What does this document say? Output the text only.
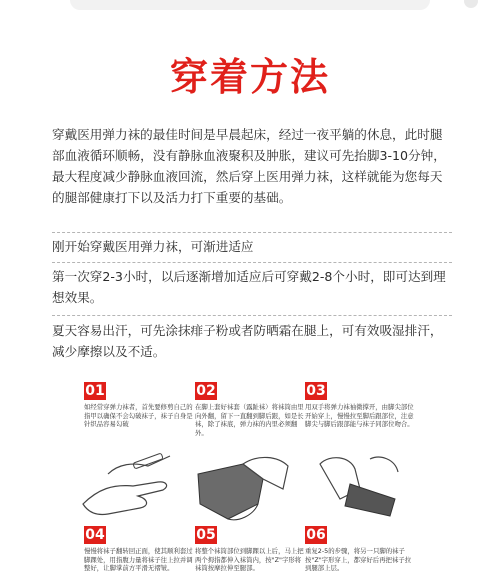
穿着方法
穿戴医用弹力袜的最佳时间是早晨起床，经过一夜平躺的休息，此时腿部血液循环顺畅，没有静脉血液聚积及肿胀，建议可先抬脚3-10分钟，最大程度减少静脉血液回流，然后穿上医用弹力袜，这样就能为您每天的腿部健康打下以及活力打下重要的基础。
刚开始穿戴医用弹力袜，可渐进适应
第一次穿2-3小时，以后逐渐增加适应后可穿戴2-8个小时，即可达到理想效果。
夏天容易出汗，可先涂抹痱子粉或者防晒霜在腿上，可有效吸湿排汗，减少摩擦以及不适。
01
如经常穿弹力袜者，首先要修剪自己的指甲以确保不会勾破袜子，袜子自身是针织品容易勾破
02
在脚上套好袜套（露趾袜）将袜筒由里向外翻，留下一直翻到脚后跟，如是长袜，除了袜底，弹力袜的内里必须翻外。
03
用双手将弹力袜袖微撑开，由脚尖部位开始穿上，慢慢拉至脚后跟部位，注意脚尖与脚后跟部能与袜子同部位吻合。
04
慢慢将袜子翻转回正面，使其顺利套过脚踝处，用指腹力量将袜子往上拉并调整好，让脚掌前方平滑无褶皱。
05
将整个袜筒部位到脚踝以上后，马上把两个拇指都伸入袜筒内，按"Z"字形将袜筒按摩拉伸至腿部。
06
重复2-5的步骤，将另一只脚的袜子按"Z"字形穿上，都穿好后再把袜子拉到腿部上层。
